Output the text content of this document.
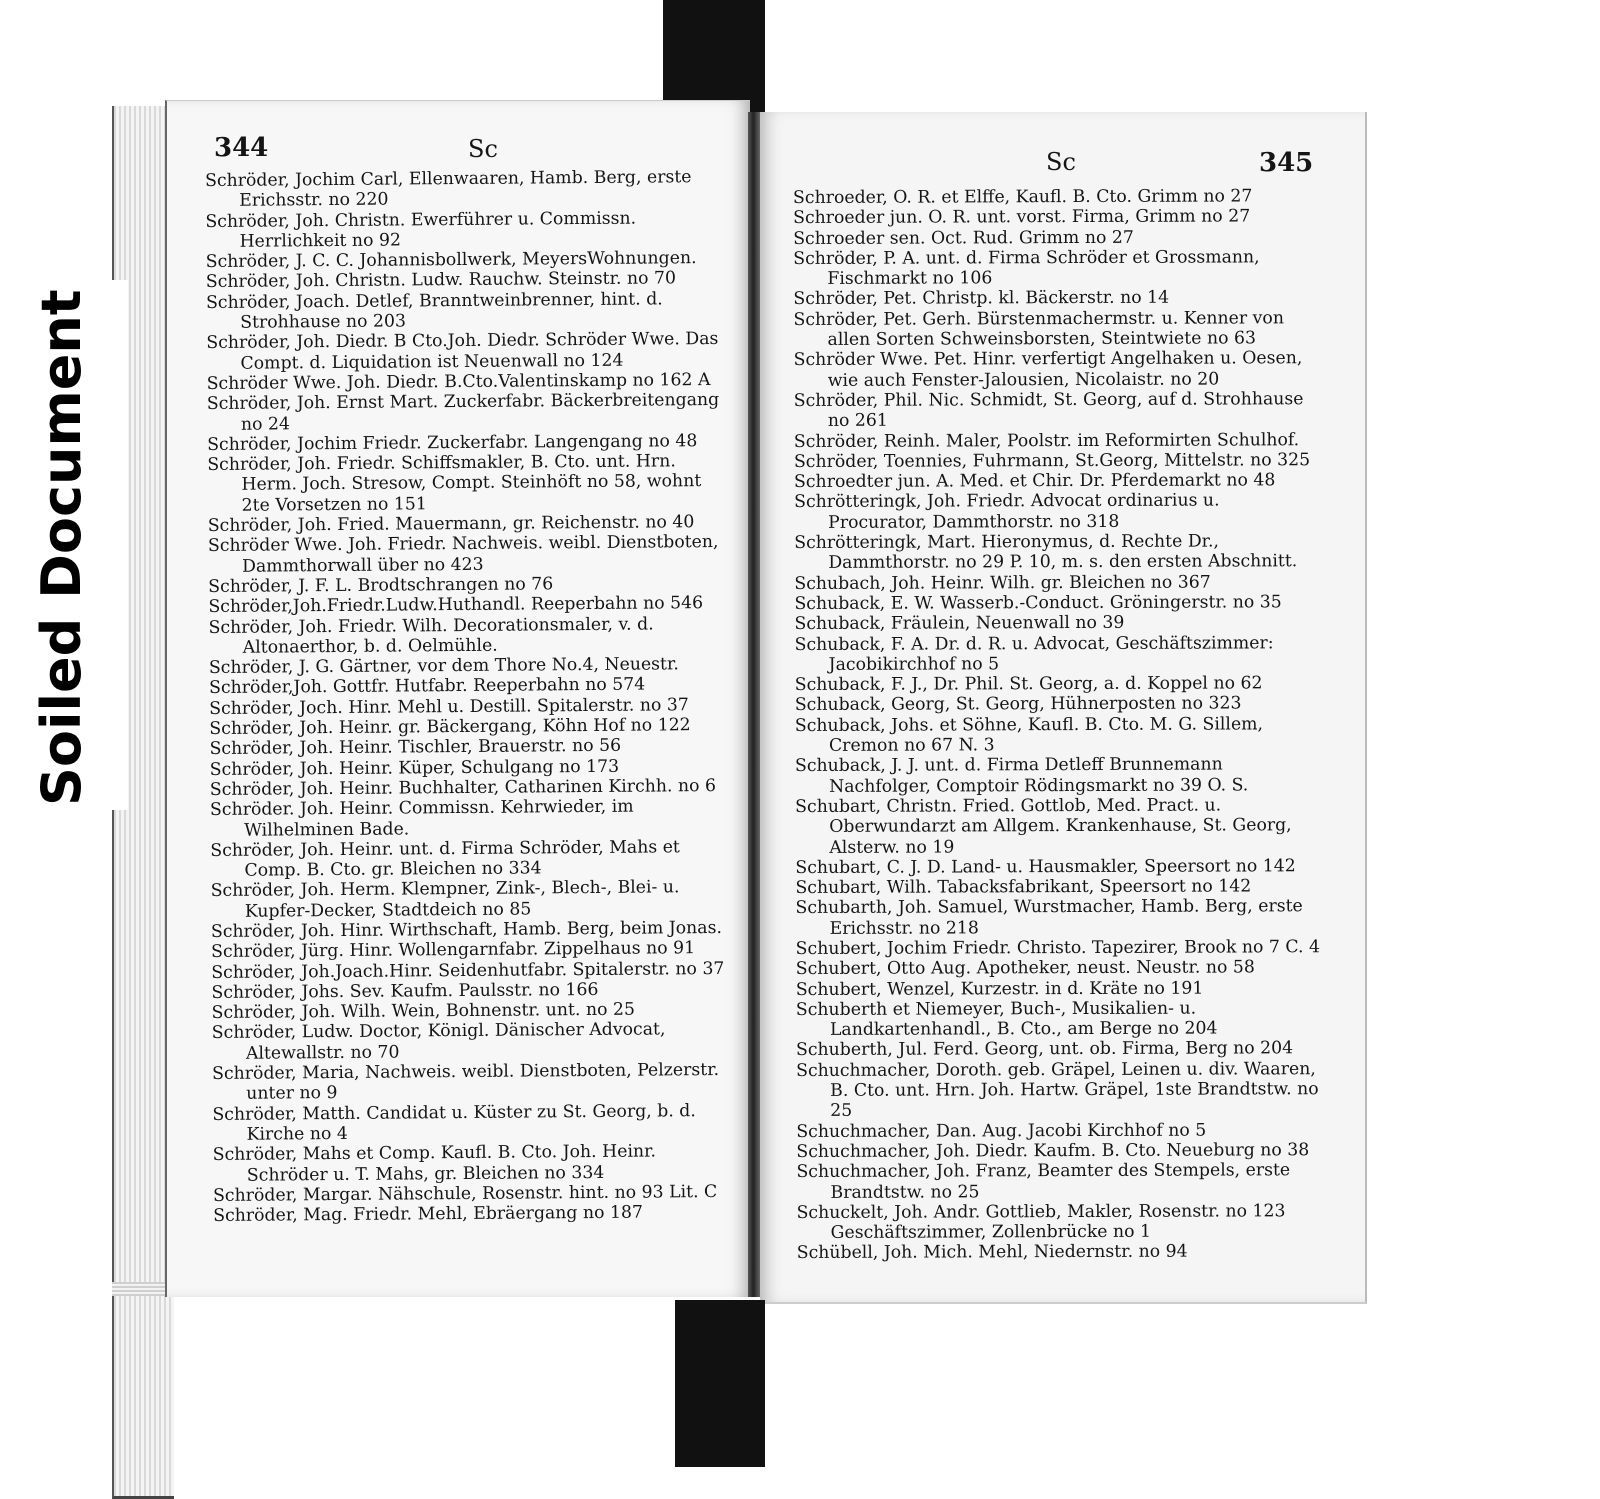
344	Sc
Schröder, Jochim Carl, Ellenwaaren, Hamb. Berg, erste Erichsstr. no 220
Schröder, Joh. Christn. Ewerführer u. Commissn. Herrlichkeit no 92
Schröder, J. C. C. Johannisbollwerk, MeyersWohnungen.
Schröder, Joh. Christn. Ludw. Rauchw. Steinstr. no 70
Schröder, Joach. Detlef, Branntweinbrenner, hint. d. Strohhause no 203
Schröder, Joh. Diedr. B Cto.Joh. Diedr. Schröder Wwe. Das Compt. d. Liquidation ist Neuenwall no 124
Schröder Wwe. Joh. Diedr. B.Cto.Valentinskamp no 162 A
Schröder, Joh. Ernst Mart. Zuckerfabr. Bäckerbreitengang no 24
Schröder, Jochim Friedr. Zuckerfabr. Langengang no 48
Schröder, Joh. Friedr. Schiffsmakler, B. Cto. unt. Hrn. Herm. Joch. Stresow, Compt. Steinhöft no 58, wohnt 2te Vorsetzen no 151
Schröder, Joh. Fried. Mauermann, gr. Reichenstr. no 40
Schröder Wwe. Joh. Friedr. Nachweis. weibl. Dienstboten, Dammthorwall über no 423
Schröder, J. F. L. Brodtschrangen no 76
Schröder,Joh.Friedr.Ludw.Huthandl. Reeperbahn no 546
Schröder, Joh. Friedr. Wilh. Decorationsmaler, v. d. Altonaerthor, b. d. Oelmühle.
Schröder, J. G. Gärtner, vor dem Thore No.4, Neuestr.
Schröder,Joh. Gottfr. Hutfabr. Reeperbahn no 574
Schröder, Joch. Hinr. Mehl u. Destill. Spitalerstr. no 37
Schröder, Joh. Heinr. gr. Bäckergang, Köhn Hof no 122
Schröder, Joh. Heinr. Tischler, Brauerstr. no 56
Schröder, Joh. Heinr. Küper, Schulgang no 173
Schröder, Joh. Heinr. Buchhalter, Catharinen Kirchh. no 6
Schröder. Joh. Heinr. Commissn. Kehrwieder, im Wilhelminen Bade.
Schröder, Joh. Heinr. unt. d. Firma Schröder, Mahs et Comp. B. Cto. gr. Bleichen no 334
Schröder, Joh. Herm. Klempner, Zink-, Blech-, Blei- u. Kupfer-Decker, Stadtdeich no 85
Schröder, Joh. Hinr. Wirthschaft, Hamb. Berg, beim Jonas.
Schröder, Jürg. Hinr. Wollengarnfabr. Zippelhaus no 91
Schröder, Joh.Joach.Hinr. Seidenhutfabr. Spitalerstr. no 37
Schröder, Johs. Sev. Kaufm. Paulsstr. no 166
Schröder, Joh. Wilh. Wein, Bohnenstr. unt. no 25
Schröder, Ludw. Doctor, Königl. Dänischer Advocat, Altewallstr. no 70
Schröder, Maria, Nachweis. weibl. Dienstboten, Pelzerstr. unter no 9
Schröder, Matth. Candidat u. Küster zu St. Georg, b. d. Kirche no 4
Schröder, Mahs et Comp. Kaufl. B. Cto. Joh. Heinr. Schröder u. T. Mahs, gr. Bleichen no 334
Schröder, Margar. Nähschule, Rosenstr. hint. no 93 Lit. C
Schröder, Mag. Friedr. Mehl, Ebräergang no 187
Sc	345
Schroeder, O. R. et Elffe, Kaufl. B. Cto. Grimm no 27
Schroeder jun. O. R. unt. vorst. Firma, Grimm no 27
Schroeder sen. Oct. Rud. Grimm no 27
Schröder, P. A. unt. d. Firma Schröder et Grossmann, Fischmarkt no 106
Schröder, Pet. Christp. kl. Bäckerstr. no 14
Schröder, Pet. Gerh. Bürstenmachermstr. u. Kenner von allen Sorten Schweinsborsten, Steintwiete no 63
Schröder Wwe. Pet. Hinr. verfertigt Angelhaken u. Oesen, wie auch Fenster-Jalousien, Nicolaistr. no 20
Schröder, Phil. Nic. Schmidt, St. Georg, auf d. Strohhause no 261
Schröder, Reinh. Maler, Poolstr. im Reformirten Schulhof.
Schröder, Toennies, Fuhrmann, St.Georg, Mittelstr. no 325
Schroedter jun. A. Med. et Chir. Dr. Pferdemarkt no 48
Schrötteringk, Joh. Friedr. Advocat ordinarius u. Procurator, Dammthorstr. no 318
Schrötteringk, Mart. Hieronymus, d. Rechte Dr., Dammthorstr. no 29 P. 10, m. s. den ersten Abschnitt.
Schubach, Joh. Heinr. Wilh. gr. Bleichen no 367
Schuback, E. W. Wasserb.-Conduct. Gröningerstr. no 35
Schuback, Fräulein, Neuenwall no 39
Schuback, F. A. Dr. d. R. u. Advocat, Geschäftszimmer: Jacobikirchhof no 5
Schuback, F. J., Dr. Phil. St. Georg, a. d. Koppel no 62
Schuback, Georg, St. Georg, Hühnerposten no 323
Schuback, Johs. et Söhne, Kaufl. B. Cto. M. G. Sillem, Cremon no 67 N. 3
Schuback, J. J. unt. d. Firma Detleff Brunnemann Nachfolger, Comptoir Rödingsmarkt no 39 O. S.
Schubart, Christn. Fried. Gottlob, Med. Pract. u. Oberwundarzt am Allgem. Krankenhause, St. Georg, Alsterw. no 19
Schubart, C. J. D. Land- u. Hausmakler, Speersort no 142
Schubart, Wilh. Tabacksfabrikant, Speersort no 142
Schubarth, Joh. Samuel, Wurstmacher, Hamb. Berg, erste Erichsstr. no 218
Schubert, Jochim Friedr. Christo. Tapezirer, Brook no 7 C. 4
Schubert, Otto Aug. Apotheker, neust. Neustr. no 58
Schubert, Wenzel, Kurzestr. in d. Kräte no 191
Schuberth et Niemeyer, Buch-, Musikalien- u. Landkartenhandl., B. Cto., am Berge no 204
Schuberth, Jul. Ferd. Georg, unt. ob. Firma, Berg no 204
Schuchmacher, Doroth. geb. Gräpel, Leinen u. div. Waaren, B. Cto. unt. Hrn. Joh. Hartw. Gräpel, 1ste Brandtstw. no 25
Schuchmacher, Dan. Aug. Jacobi Kirchhof no 5
Schuchmacher, Joh. Diedr. Kaufm. B. Cto. Neueburg no 38
Schuchmacher, Joh. Franz, Beamter des Stempels, erste Brandtstw. no 25
Schuckelt, Joh. Andr. Gottlieb, Makler, Rosenstr. no 123 Geschäftszimmer, Zollenbrücke no 1
Schübell, Joh. Mich. Mehl, Niedernstr. no 94
Soiled Document
